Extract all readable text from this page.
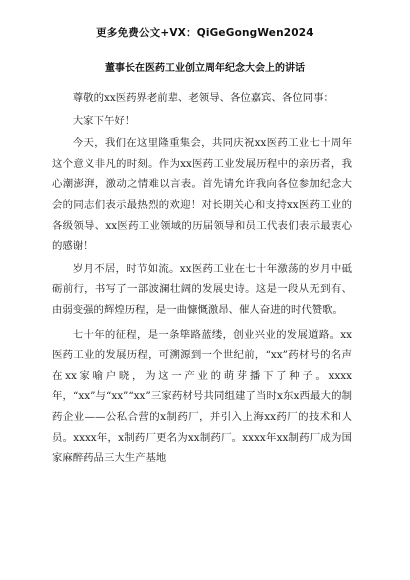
更多免费公文+VX：QiGeGongWen2024
董事长在医药工业创立周年纪念大会上的讲话

尊敬的xx医药界老前辈、老领导、各位嘉宾、各位同事：

大家下午好！

今天，我们在这里隆重集会，共同庆祝xx医药工业七十周年这个意义非凡的时刻。作为xx医药工业发展历程中的亲历者，我心潮澎湃，激动之情难以言表。首先请允许我向各位参加纪念大会的同志们表示最热烈的欢迎！对长期关心和支持xx医药工业的各级领导、xx医药工业领域的历届领导和员工代表们表示最衷心的感谢！

岁月不居，时节如流。xx医药工业在七十年激荡的岁月中砥砺前行，书写了一部波澜壮阔的发展史诗。这是一段从无到有、由弱变强的辉煌历程，是一曲慷慨激昂、催人奋进的时代赞歌。

七十年的征程，是一条筚路蓝缕，创业兴业的发展道路。xx医药工业的发展历程，可溯源到一个世纪前，“xx”药材号的名声在xx家喻户晓，为这一产业的萌芽播下了种子。xxxx年，“xx”与“xx”“xx”三家药材号共同组建了当时x东x西最大的制药企业——公私合营的x制药厂，并引入上海xx药厂的技术和人员。xxxx年，x制药厂更名为xx制药厂。xxxx年xx制药厂成为国家麻醉药品三大生产基地
